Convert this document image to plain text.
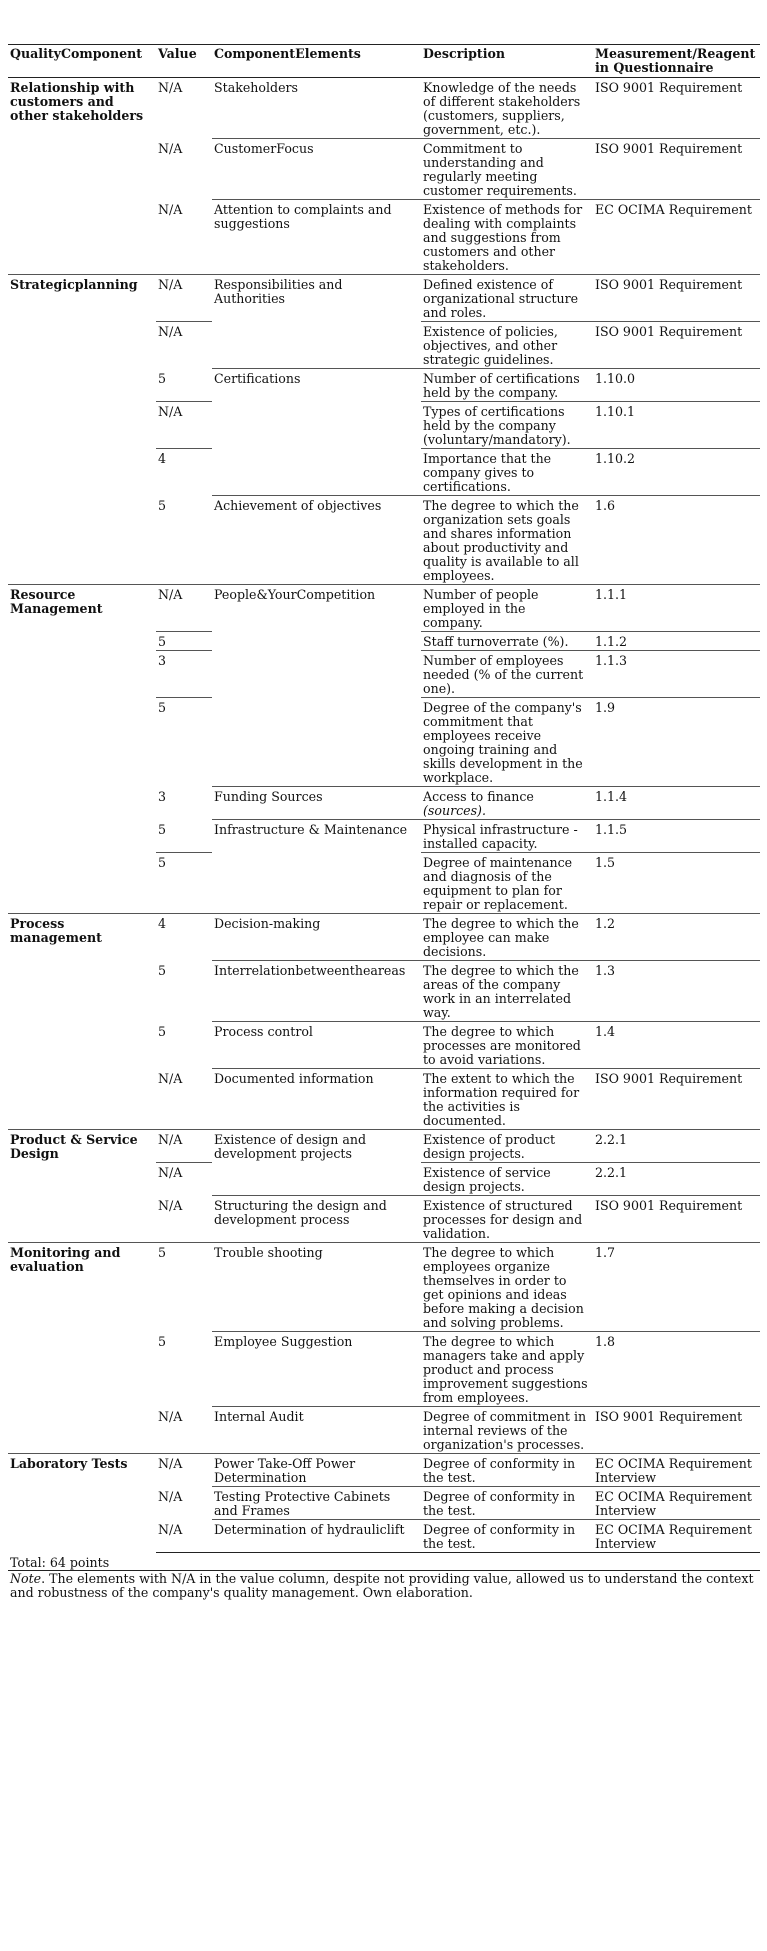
QualityComponent	Value	ComponentElements	Description	Measurement/Reagent in Questionnaire
Relationship with customers and other stakeholders	N/A	Stakeholders	Knowledge of the needs of different stakeholders (customers, suppliers, government, etc.).	ISO 9001 Requirement
	N/A	CustomerFocus	Commitment to understanding and regularly meeting customer requirements.	ISO 9001 Requirement
	N/A	Attention to complaints and suggestions	Existence of methods for dealing with complaints and suggestions from customers and other stakeholders.	EC OCIMA Requirement
Strategicplanning	N/A	Responsibilities and Authorities	Defined existence of organizational structure and roles.	ISO 9001 Requirement
	N/A		Existence of policies, objectives, and other strategic guidelines.	ISO 9001 Requirement
	5	Certifications	Number of certifications held by the company.	1.10.0
	N/A		Types of certifications held by the company (voluntary/mandatory).	1.10.1
	4		Importance that the company gives to certifications.	1.10.2
	5	Achievement of objectives	The degree to which the organization sets goals and shares information about productivity and quality is available to all employees.	1.6
Resource Management	N/A	People&YourCompetition	Number of people employed in the company.	1.1.1
	5		Staff turnoverrate (%).	1.1.2
	3		Number of employees needed (% of the current one).	1.1.3
	5		Degree of the company's commitment that employees receive ongoing training and skills development in the workplace.	1.9
	3	Funding Sources	Access to finance (sources).	1.1.4
	5	Infrastructure & Maintenance	Physical infrastructure - installed capacity.	1.1.5
	5		Degree of maintenance and diagnosis of the equipment to plan for repair or replacement.	1.5
Process management	4	Decision-making	The degree to which the employee can make decisions.	1.2
	5	Interrelationbetweentheareas	The degree to which the areas of the company work in an interrelated way.	1.3
	5	Process control	The degree to which processes are monitored to avoid variations.	1.4
	N/A	Documented information	The extent to which the information required for the activities is documented.	ISO 9001 Requirement
Product & Service Design	N/A	Existence of design and development projects	Existence of product design projects.	2.2.1
	N/A		Existence of service design projects.	2.2.1
	N/A	Structuring the design and development process	Existence of structured processes for design and validation.	ISO 9001 Requirement
Monitoring and evaluation	5	Trouble shooting	The degree to which employees organize themselves in order to get opinions and ideas before making a decision and solving problems.	1.7
	5	Employee Suggestion	The degree to which managers take and apply product and process improvement suggestions from employees.	1.8
	N/A	Internal Audit	Degree of commitment in internal reviews of the organization's processes.	ISO 9001 Requirement
Laboratory Tests	N/A	Power Take-Off Power Determination	Degree of conformity in the test.	EC OCIMA Requirement Interview
	N/A	Testing Protective Cabinets and Frames	Degree of conformity in the test.	EC OCIMA Requirement Interview
	N/A	Determination of hydrauliclift	Degree of conformity in the test.	EC OCIMA Requirement Interview
Total: 64 points
Note. The elements with N/A in the value column, despite not providing value, allowed us to understand the context and robustness of the company's quality management. Own elaboration.
